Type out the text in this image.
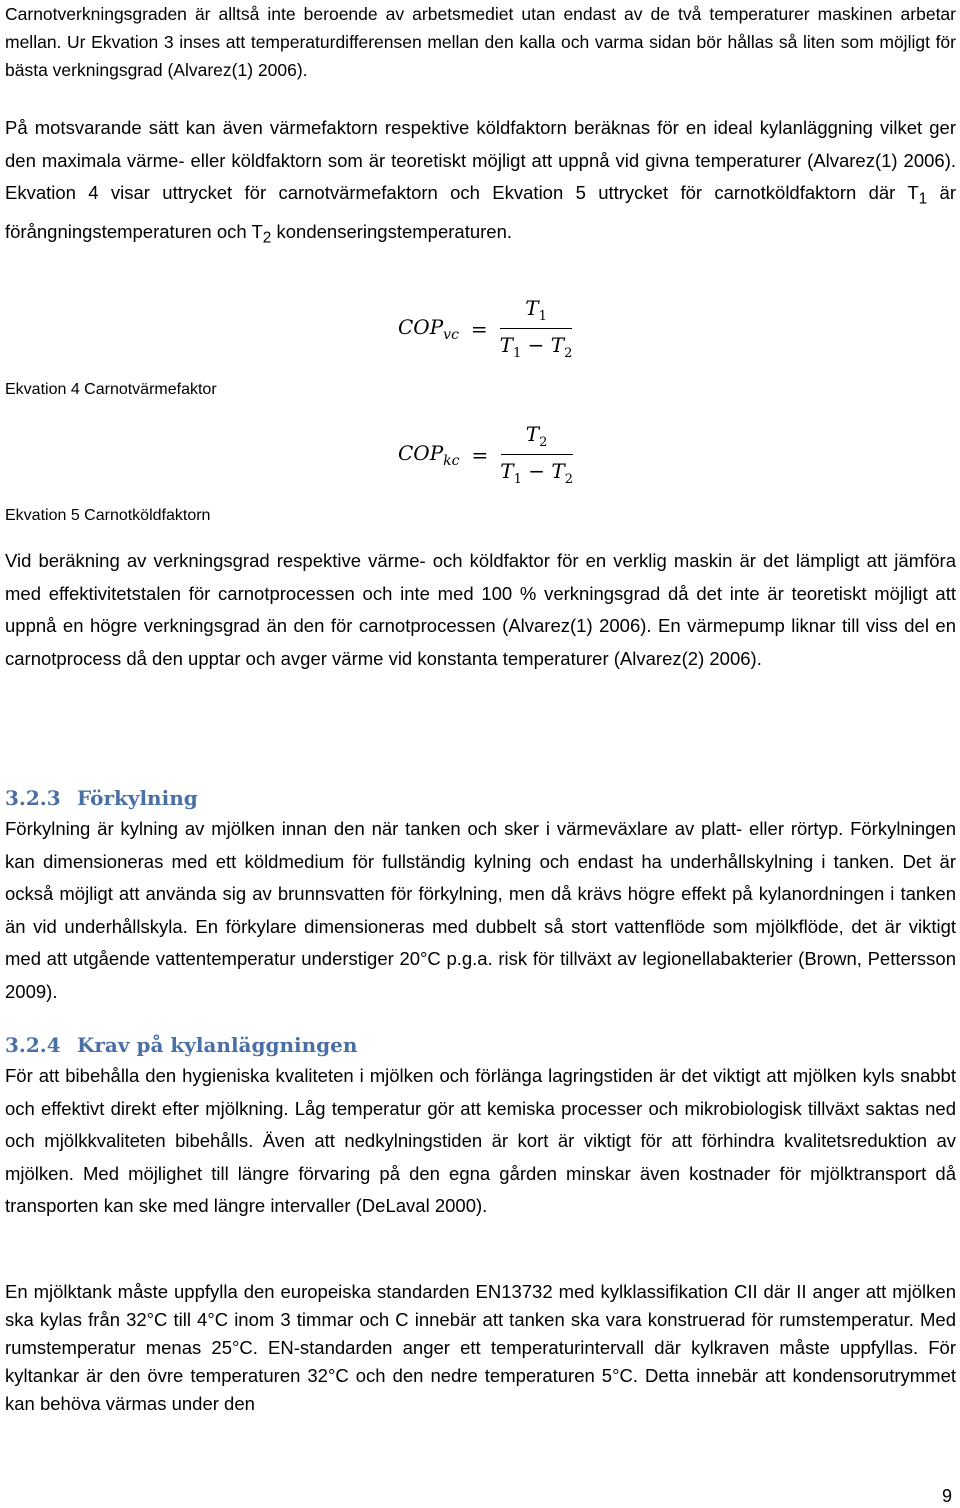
Carnotverkningsgraden är alltså inte beroende av arbetsmediet utan endast av de två temperaturer maskinen arbetar mellan. Ur Ekvation 3 inses att temperaturdifferensen mellan den kalla och varma sidan bör hållas så liten som möjligt för bästa verkningsgrad (Alvarez(1) 2006).

På motsvarande sätt kan även värmefaktorn respektive köldfaktorn beräknas för en ideal kylanläggning vilket ger den maximala värme- eller köldfaktorn som är teoretiskt möjligt att uppnå vid givna temperaturer (Alvarez(1) 2006). Ekvation 4 visar uttrycket för carnotvärmefaktorn och Ekvation 5 uttrycket för carnotköldfaktorn där $T_1$ är förångningstemperaturen och $T_2$ kondenseringstemperaturen.

$COP_{vc} = \frac{T_1}{T_1 - T_2}$

Ekvation 4 Carnotvärmefaktor

$COP_{kc} = \frac{T_2}{T_1 - T_2}$

Ekvation 5 Carnotköldfaktorn

Vid beräkning av verkningsgrad respektive värme- och köldfaktor för en verklig maskin är det lämpligt att jämföra med effektivitetstalen för carnotprocessen och inte med 100 % verkningsgrad då det inte är teoretiskt möjligt att uppnå en högre verkningsgrad än den för carnotprocessen (Alvarez(1) 2006). En värmepump liknar till viss del en carnotprocess då den upptar och avger värme vid konstanta temperaturer (Alvarez(2) 2006).

3.2.3 Förkylning

Förkylning är kylning av mjölken innan den när tanken och sker i värmeväxlare av platt- eller rörtyp. Förkylningen kan dimensioneras med ett köldmedium för fullständig kylning och endast ha underhållskylning i tanken. Det är också möjligt att använda sig av brunnsvatten för förkylning, men då krävs högre effekt på kylanordningen i tanken än vid underhållskyla. En förkylare dimensioneras med dubbelt så stort vattenflöde som mjölkflöde, det är viktigt med att utgående vattentemperatur understiger 20°C p.g.a. risk för tillväxt av legionellabakterier (Brown, Pettersson 2009).

3.2.4 Krav på kylanläggningen

För att bibehålla den hygieniska kvaliteten i mjölken och förlänga lagringstiden är det viktigt att mjölken kyls snabbt och effektivt direkt efter mjölkning. Låg temperatur gör att kemiska processer och mikrobiologisk tillväxt saktas ned och mjölkkvaliteten bibehålls. Även att nedkylningstiden är kort är viktigt för att förhindra kvalitetsreduktion av mjölken. Med möjlighet till längre förvaring på den egna gården minskar även kostnader för mjölktransport då transporten kan ske med längre intervaller (DeLaval 2000).

En mjölktank måste uppfylla den europeiska standarden EN13732 med kylklassifikation CII där II anger att mjölken ska kylas från 32°C till 4°C inom 3 timmar och C innebär att tanken ska vara konstruerad för rumstemperatur. Med rumstemperatur menas 25°C. EN-standarden anger ett temperaturintervall där kylkraven måste uppfyllas. För kyltankar är den övre temperaturen 32°C och den nedre temperaturen 5°C. Detta innebär att kondensorutrymmet kan behöva värmas under den

9
